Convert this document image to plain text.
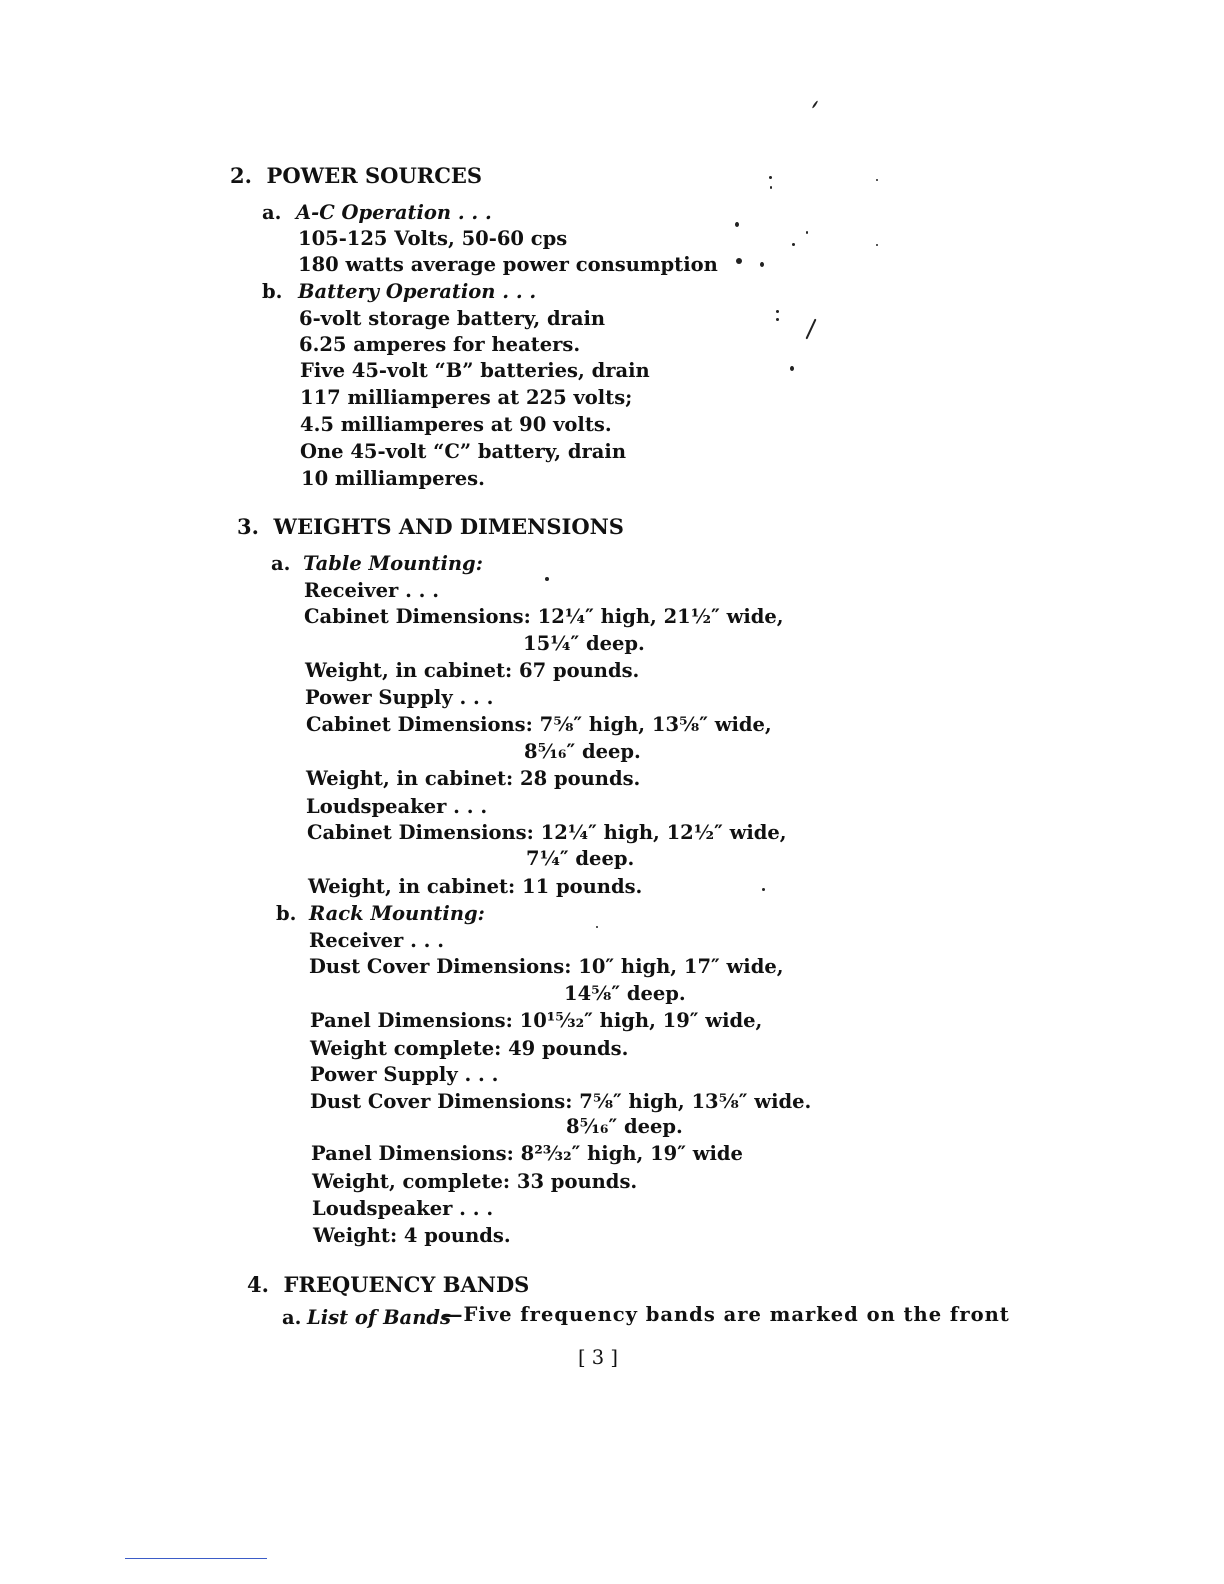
2.  POWER SOURCES
a. A-C Operation . . .
105-125 Volts, 50-60 cps
180 watts average power consumption
b. Battery Operation . . .
6-volt storage battery, drain
6.25 amperes for heaters.
Five 45-volt “B” batteries, drain
117 milliamperes at 225 volts;
4.5 milliamperes at 90 volts.
One 45-volt “C” battery, drain
10 milliamperes.
3.  WEIGHTS AND DIMENSIONS
a. Table Mounting:
Receiver . . .
Cabinet Dimensions: 12¼″ high, 21½″ wide,
15¼″ deep.
Weight, in cabinet: 67 pounds.
Power Supply . . .
Cabinet Dimensions: 7⅝″ high, 13⅝″ wide,
8⁵⁄₁₆″ deep.
Weight, in cabinet: 28 pounds.
Loudspeaker . . .
Cabinet Dimensions: 12¼″ high, 12½″ wide,
7¼″ deep.
Weight, in cabinet: 11 pounds.
b. Rack Mounting:
Receiver . . .
Dust Cover Dimensions: 10″ high, 17″ wide,
14⅝″ deep.
Panel Dimensions: 10¹⁵⁄₃₂″ high, 19″ wide,
Weight complete: 49 pounds.
Power Supply . . .
Dust Cover Dimensions: 7⅝″ high, 13⅝″ wide.
8⁵⁄₁₆″ deep.
Panel Dimensions: 8²³⁄₃₂″ high, 19″ wide
Weight, complete: 33 pounds.
Loudspeaker . . .
Weight: 4 pounds.
4.  FREQUENCY BANDS
a. List of Bands
—Five frequency bands are marked on the front
[ 3 ]
